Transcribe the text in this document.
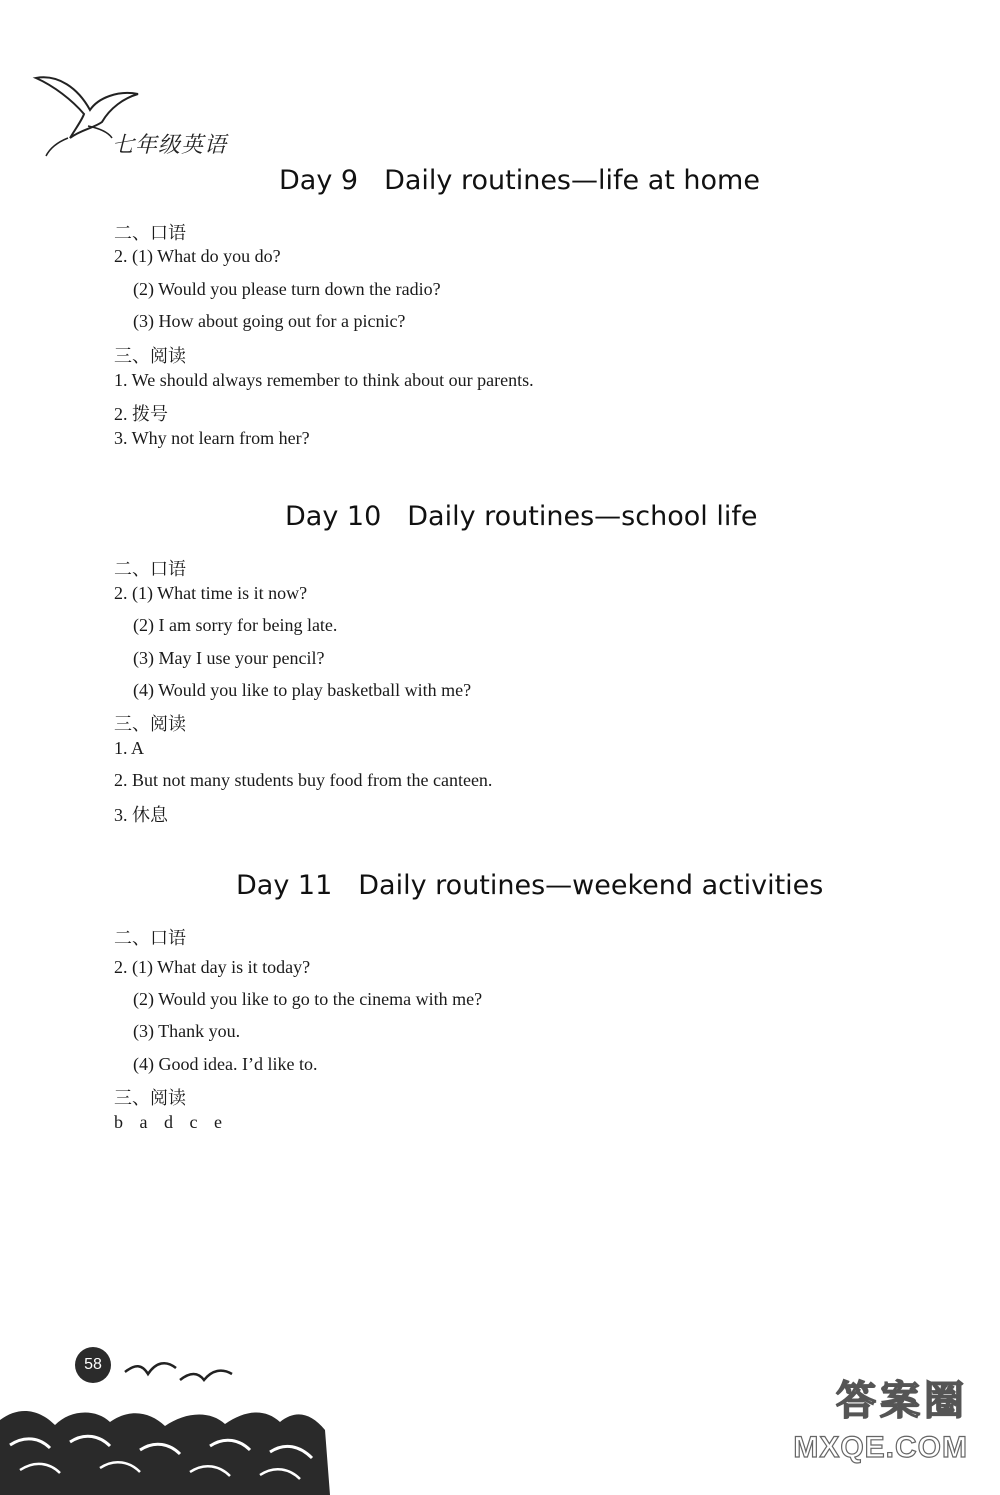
七年级英语
Day 9 Daily routines—life at home
二、口语
2. (1) What do you do?
(2) Would you please turn down the radio?
(3) How about going out for a picnic?
三、阅读
1. We should always remember to think about our parents.
2. 拨号
3. Why not learn from her?
Day 10 Daily routines—school life
二、口语
2. (1) What time is it now?
(2) I am sorry for being late.
(3) May I use your pencil?
(4) Would you like to play basketball with me?
三、阅读
1. A
2. But not many students buy food from the canteen.
3. 休息
Day 11 Daily routines—weekend activities
二、口语
2. (1) What day is it today?
(2) Would you like to go to the cinema with me?
(3) Thank you.
(4) Good idea. I’d like to.
三、阅读
b a d c e
58
答案圈
MXQE.COM
